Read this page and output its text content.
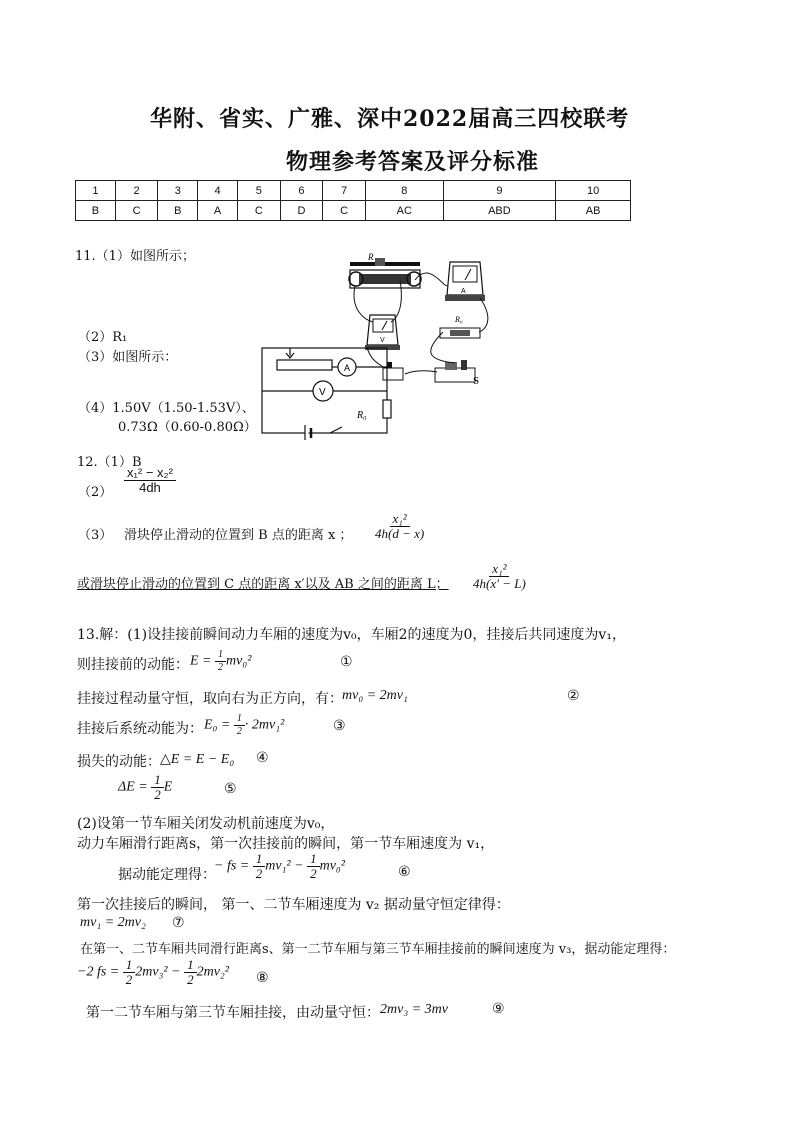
华附、省实、广雅、深中2022届高三四校联考
物理参考答案及评分标准
1	2	3	4	5	6	7	8	9	10
B	C	B	A	C	D	C	AC	ABD	AB
11.（1）如图所示；
（2）R₁
（3）如图所示：
（4）1.50V（1.50-1.53V）、
0.73Ω（0.60-0.80Ω）
R
A
V
R₀
S
A
V
R₀
12.（1）B
$(2) \frac{\text{x₁² − x₂²}}{4dh}$
（3） 滑块停止滑动的位置到 B 点的距离 x ； $\frac{\text{x₁²}}{4h(d - x)}$
或滑块停止滑动的位置到 C 点的距离 x′以及 AB 之间的距离 L； $\frac{\text{x₁²}}{4h(x' - L)}$
13.解：(1)设挂接前瞬间动力车厢的速度为v₀，车厢2的速度为0，挂接后共同速度为v₁，
则挂接前的动能： $E = \frac{1}{2} mv_0^2$	①
挂接过程动量守恒，取向右为正方向，有： mv₀ = 2mv₁	②
挂接后系统动能为： $E_0 = \frac{1}{2} \cdot 2mv_1^2$	③
损失的动能： △E = E − E₀ ④
$\Delta E = \frac{1}{2}$ E	⑤
(2)设第一节车厢关闭发动机前速度为v₀，
动力车厢滑行距离s，第一次挂接前的瞬间，第一节车厢速度为 v₁，
据动能定理得：
− fs = $\frac{1}{2} mv_1^2 - \frac{1}{2} mv_0^2$	⑥
第一次挂接后的瞬间， 第一、二节车厢速度为 v₂ 据动量守恒定律得：
mv₁ = 2mv₂ ⑦
在第一、二节车厢共同滑行距离s、第一二节车厢与第三节车厢挂接前的瞬间速度为 v₃，据动能定理得：
−2 fs = $\frac{1}{2} 2mv_3^2 - \frac{1}{2} 2mv_2^2$ ⑧
第一二节车厢与第三节车厢挂接，由动量守恒： 2mv₃ = 3mv	⑨
